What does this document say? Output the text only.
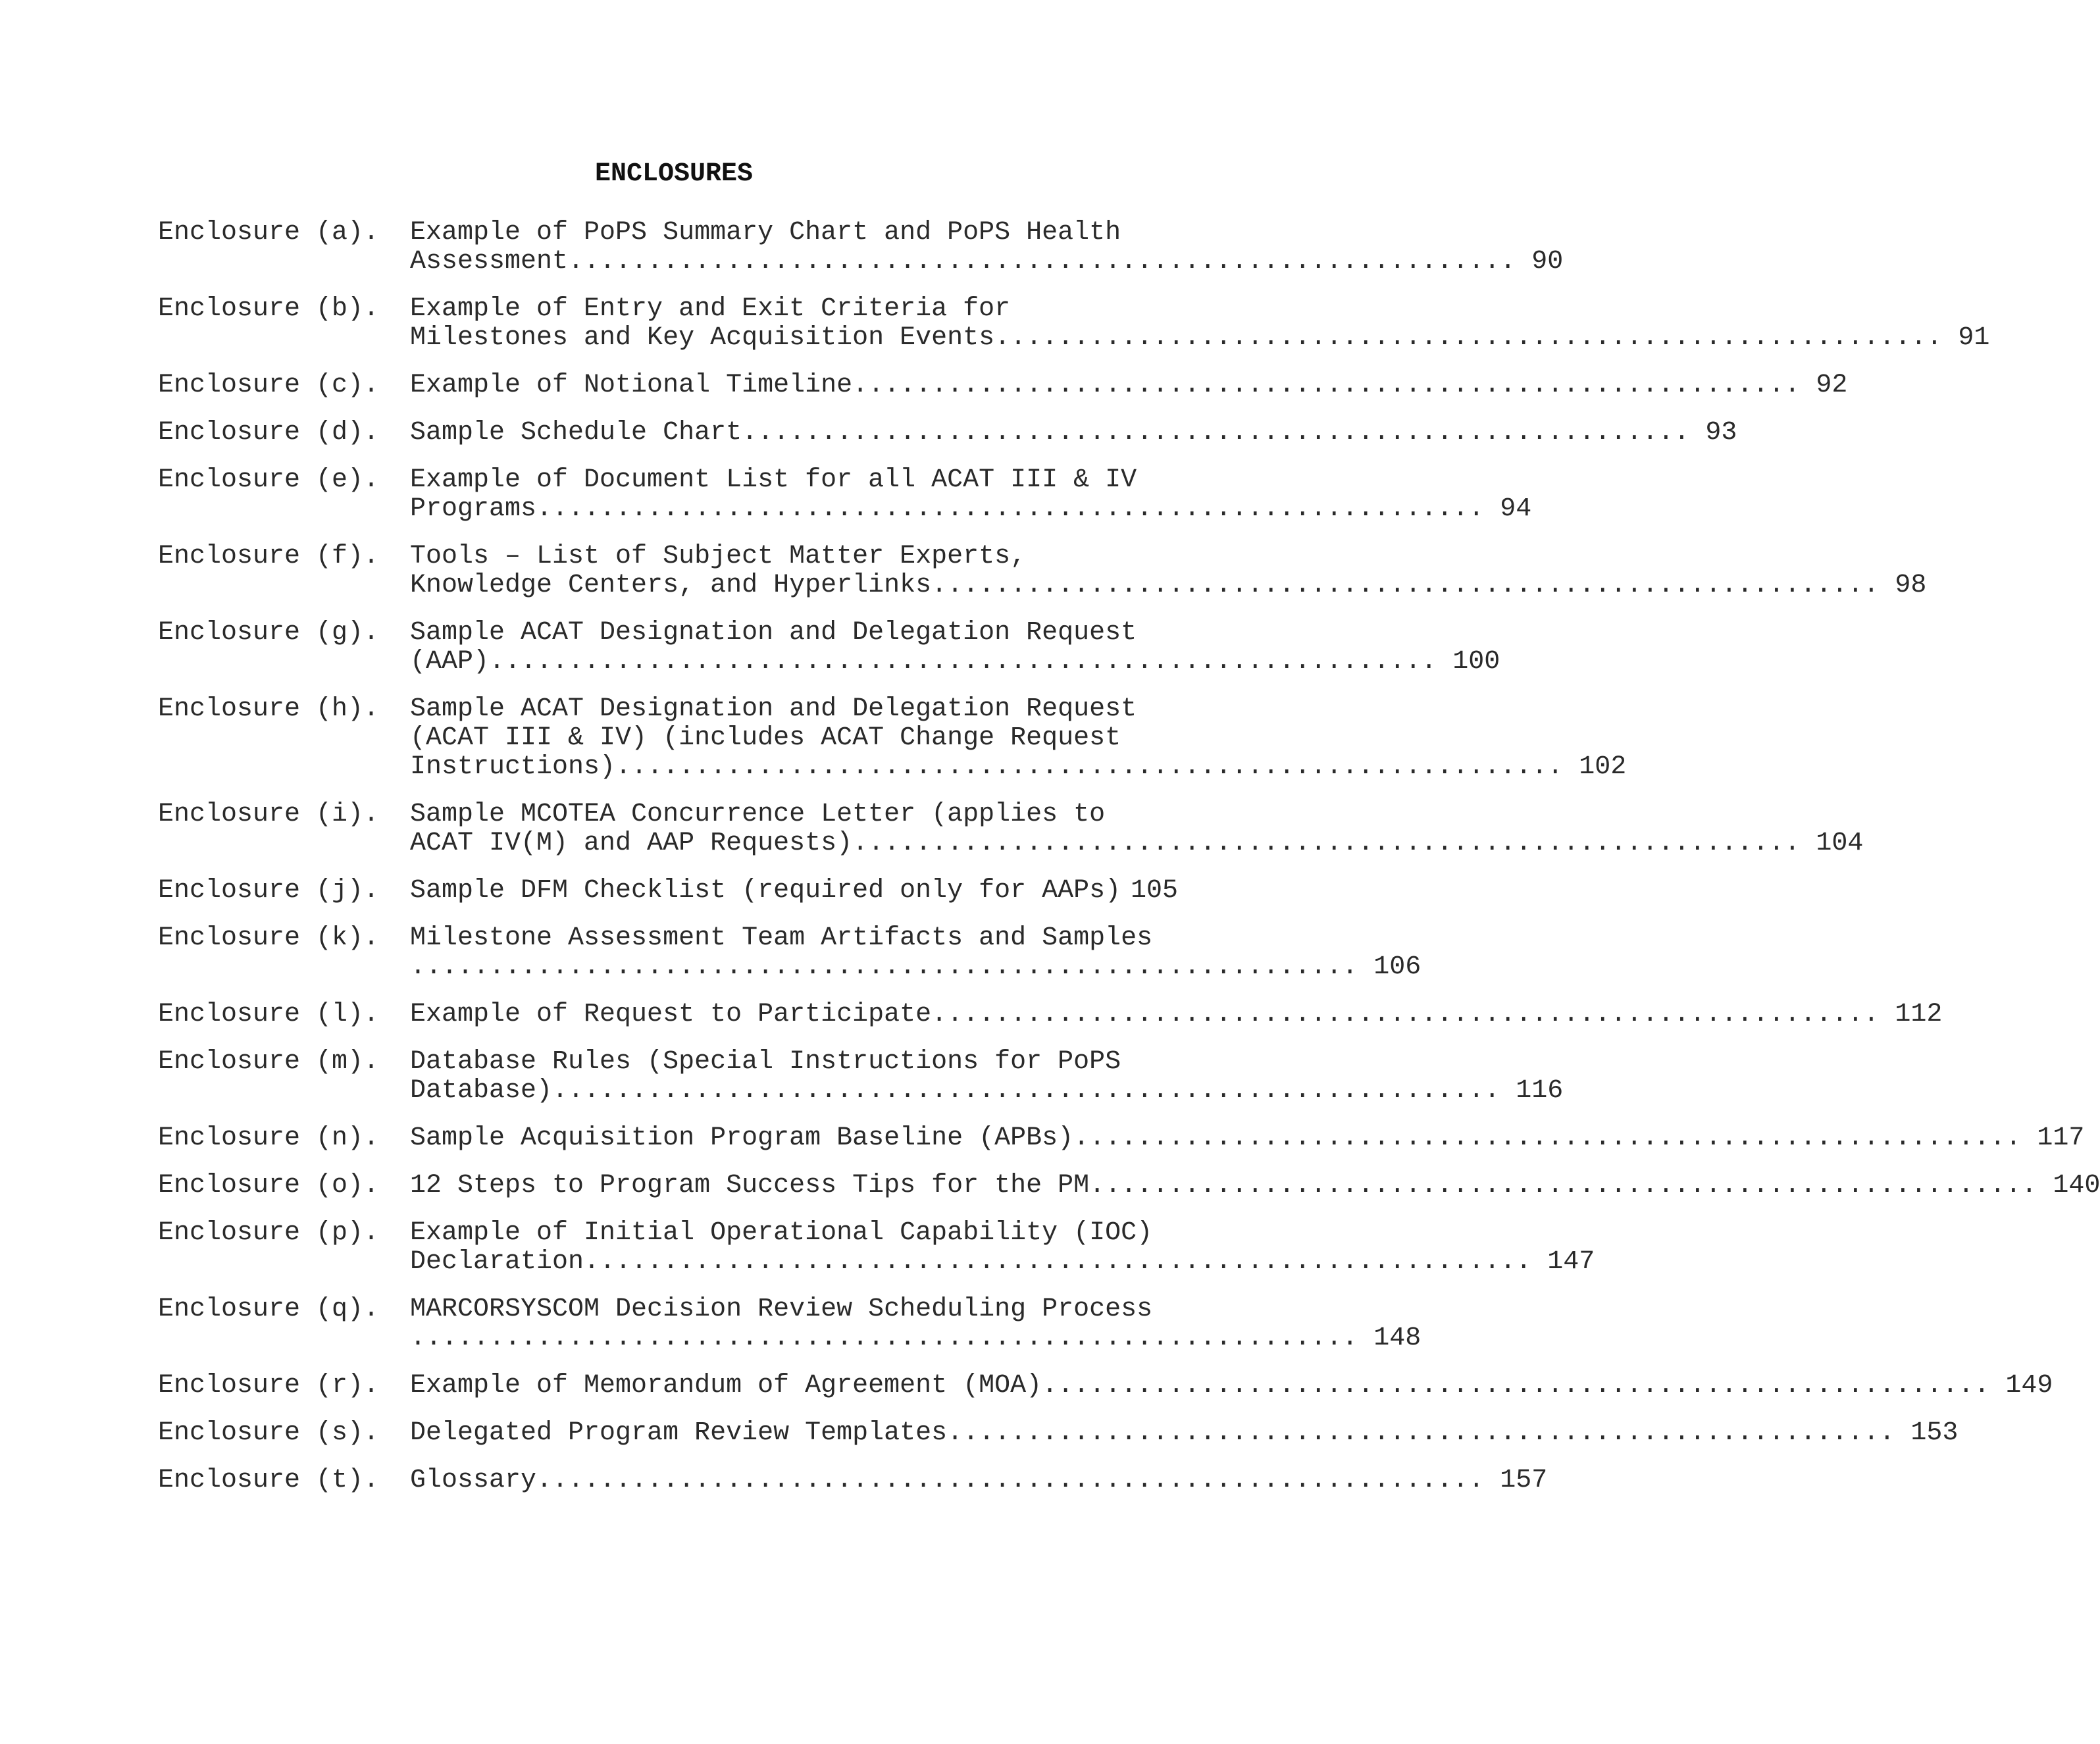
ENCLOSURES
Enclosure (a). Example of PoPS Summary Chart and PoPS Health
Assessment ............................................................ 90
Enclosure (b). Example of Entry and Exit Criteria for
Milestones and Key Acquisition Events ............................................................ 91
Enclosure (c). Example of Notional Timeline ............................................................ 92
Enclosure (d). Sample Schedule Chart ............................................................ 93
Enclosure (e). Example of Document List for all ACAT III & IV
Programs ............................................................ 94
Enclosure (f). Tools – List of Subject Matter Experts,
Knowledge Centers, and Hyperlinks ............................................................ 98
Enclosure (g). Sample ACAT Designation and Delegation Request
(AAP) ............................................................ 100
Enclosure (h). Sample ACAT Designation and Delegation Request
(ACAT III & IV) (includes ACAT Change Request
Instructions) ............................................................ 102
Enclosure (i). Sample MCOTEA Concurrence Letter (applies to
ACAT IV(M) and AAP Requests) ............................................................ 104
Enclosure (j). Sample DFM Checklist (required only for AAPs) 105
Enclosure (k). Milestone Assessment Team Artifacts and Samples
............................................................ 106
Enclosure (l). Example of Request to Participate ............................................................ 112
Enclosure (m). Database Rules (Special Instructions for PoPS
Database) ............................................................ 116
Enclosure (n). Sample Acquisition Program Baseline (APBs) ............................................................ 117
Enclosure (o). 12 Steps to Program Success Tips for the PM ............................................................ 140
Enclosure (p). Example of Initial Operational Capability (IOC)
Declaration ............................................................ 147
Enclosure (q). MARCORSYSCOM Decision Review Scheduling Process
............................................................ 148
Enclosure (r). Example of Memorandum of Agreement (MOA) ............................................................ 149
Enclosure (s). Delegated Program Review Templates ............................................................ 153
Enclosure (t). Glossary ............................................................ 157
